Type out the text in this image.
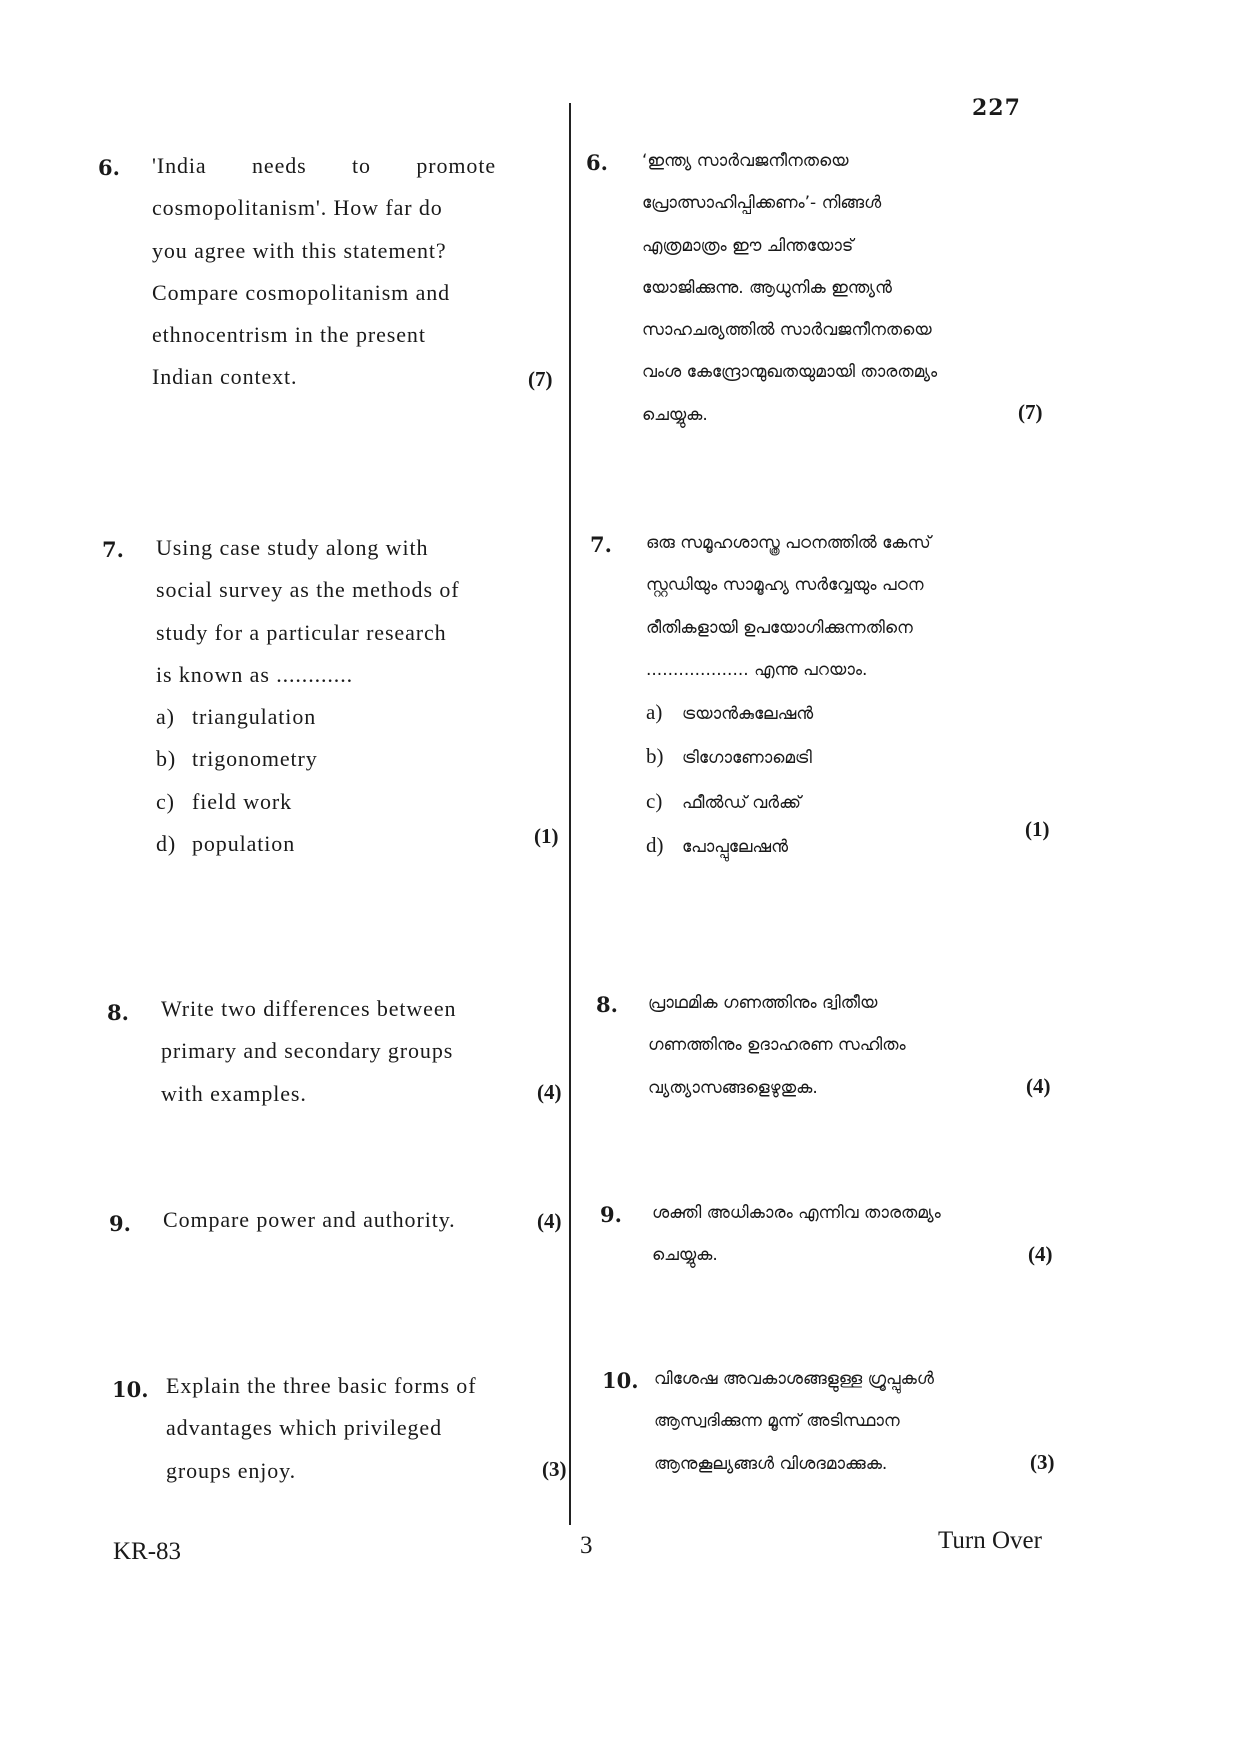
227
6. 'India needs to promote
cosmopolitanism'. How far do
you agree with this statement?
Compare cosmopolitanism and
ethnocentrism in the present
Indian context.	(7)
7. Using case study along with
social survey as the methods of
study for a particular research
is known as ............
a) triangulation
b) trigonometry
c) field work
d) population	(1)
8. Write two differences between
primary and secondary groups
with examples.	(4)
9. Compare power and authority.	(4)
10. Explain the three basic forms of
advantages which privileged
groups enjoy.	(3)
6. ‘ഇന്ത്യ സാർവജനീനതയെ
പ്രോത്സാഹിപ്പിക്കണം’- നിങ്ങൾ
എത്രമാത്രം ഈ ചിന്തയോട്
യോജിക്കുന്നു. ആധുനിക ഇന്ത്യൻ
സാഹചര്യത്തിൽ സാർവജനീനതയെ
വംശ കേന്ദ്രോന്മുഖതയുമായി താരതമ്യം
ചെയ്യുക.	(7)
7. ഒരു സമൂഹശാസ്ത്ര പഠനത്തിൽ കേസ്
സ്റ്റഡിയും സാമൂഹ്യ സർവ്വേയും പഠന
രീതികളായി ഉപയോഗിക്കുന്നതിനെ
................... എന്നു പറയാം.
a) ട്രയാൻകുലേഷൻ
b) ട്രിഗോണോമെട്രി
c) ഫീൽഡ് വർക്ക്
d) പോപ്പുലേഷൻ
(1)
8. പ്രാഥമിക ഗണത്തിനും ദ്വിതീയ
ഗണത്തിനും ഉദാഹരണ സഹിതം
വ്യത്യാസങ്ങളെഴുതുക.	(4)
9. ശക്തി അധികാരം എന്നിവ താരതമ്യം
ചെയ്യുക.	(4)
10. വിശേഷ അവകാശങ്ങളുള്ള ഗ്രൂപ്പുകൾ
ആസ്വദിക്കുന്ന മൂന്ന് അടിസ്ഥാന
ആനുകൂല്യങ്ങൾ വിശദമാക്കുക.	(3)
KR-83	3	Turn Over
